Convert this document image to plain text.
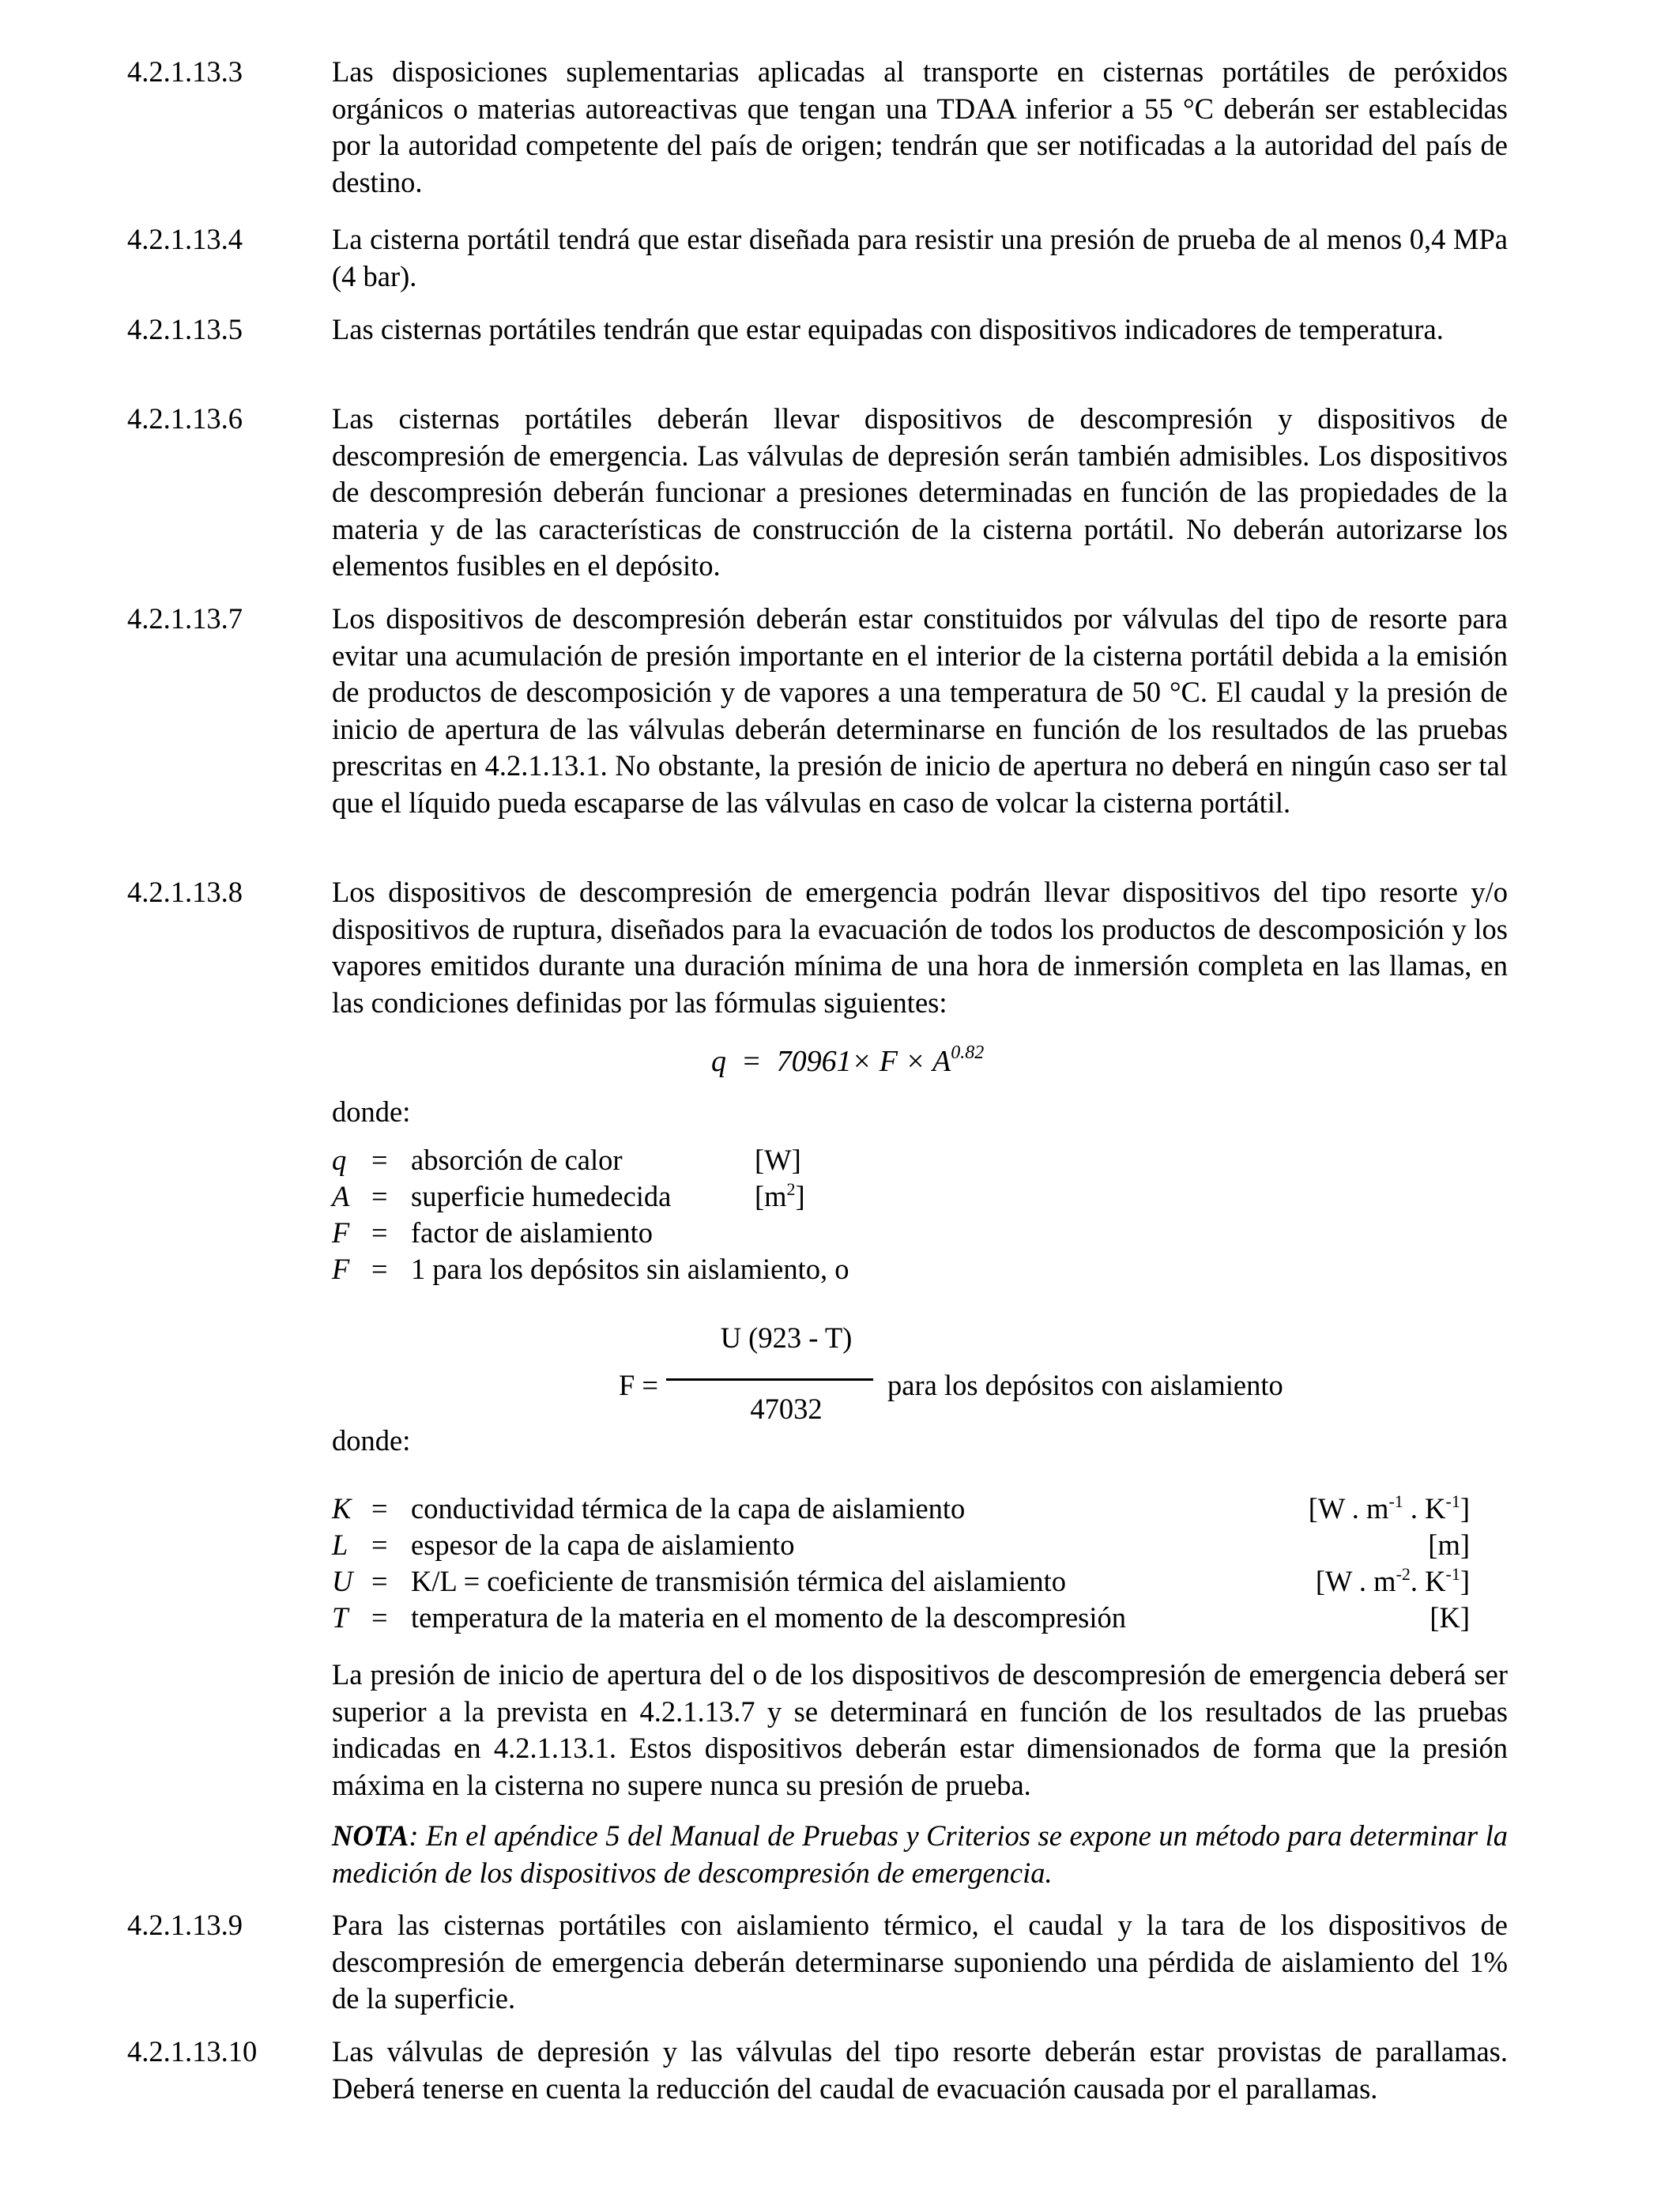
4.2.1.13.3	Las disposiciones suplementarias aplicadas al transporte en cisternas portátiles de peróxidos orgánicos o materias autoreactivas que tengan una TDAA inferior a 55 °C deberán ser establecidas por la autoridad competente del país de origen; tendrán que ser notificadas a la autoridad del país de destino.
4.2.1.13.4	La cisterna portátil tendrá que estar diseñada para resistir una presión de prueba de al menos 0,4 MPa (4 bar).
4.2.1.13.5	Las cisternas portátiles tendrán que estar equipadas con dispositivos indicadores de temperatura.
4.2.1.13.6	Las cisternas portátiles deberán llevar dispositivos de descompresión y dispositivos de descompresión de emergencia. Las válvulas de depresión serán también admisibles. Los dispositivos de descompresión deberán funcionar a presiones determinadas en función de las propiedades de la materia y de las características de construcción de la cisterna portátil. No deberán autorizarse los elementos fusibles en el depósito.
4.2.1.13.7	Los dispositivos de descompresión deberán estar constituidos por válvulas del tipo de resorte para evitar una acumulación de presión importante en el interior de la cisterna portátil debida a la emisión de productos de descomposición y de vapores a una temperatura de 50 °C. El caudal y la presión de inicio de apertura de las válvulas deberán determinarse en función de los resultados de las pruebas prescritas en 4.2.1.13.1. No obstante, la presión de inicio de apertura no deberá en ningún caso ser tal que el líquido pueda escaparse de las válvulas en caso de volcar la cisterna portátil.
4.2.1.13.8	Los dispositivos de descompresión de emergencia podrán llevar dispositivos del tipo resorte y/o dispositivos de ruptura, diseñados para la evacuación de todos los productos de descomposición y los vapores emitidos durante una duración mínima de una hora de inmersión completa en las llamas, en las condiciones definidas por las fórmulas siguientes:
$q = 70961\times F \times A^{0.82}$
donde:
q = absorción de calor	[W]
A = superficie humedecida	$[m^2]$
F = factor de aislamiento
F = 1 para los depósitos sin aislamiento, o
F =
U (923 - T)
47032
para los depósitos con aislamiento
donde:
K = conductividad térmica de la capa de aislamiento	[W . $m^{-1}$ . $K^{-1}$]
L = espesor de la capa de aislamiento	[m]
U = K/L = coeficiente de transmisión térmica del aislamiento	[W . $m^{-2}$. $K^{-1}$]
T = temperatura de la materia en el momento de la descompresión	[K]
La presión de inicio de apertura del o de los dispositivos de descompresión de emergencia deberá ser superior a la prevista en 4.2.1.13.7 y se determinará en función de los resultados de las pruebas indicadas en 4.2.1.13.1. Estos dispositivos deberán estar dimensionados de forma que la presión máxima en la cisterna no supere nunca su presión de prueba.
NOTA: En el apéndice 5 del Manual de Pruebas y Criterios se expone un método para determinar la medición de los dispositivos de descompresión de emergencia.
4.2.1.13.9	Para las cisternas portátiles con aislamiento térmico, el caudal y la tara de los dispositivos de descompresión de emergencia deberán determinarse suponiendo una pérdida de aislamiento del 1% de la superficie.
4.2.1.13.10	Las válvulas de depresión y las válvulas del tipo resorte deberán estar provistas de parallamas. Deberá tenerse en cuenta la reducción del caudal de evacuación causada por el parallamas.
